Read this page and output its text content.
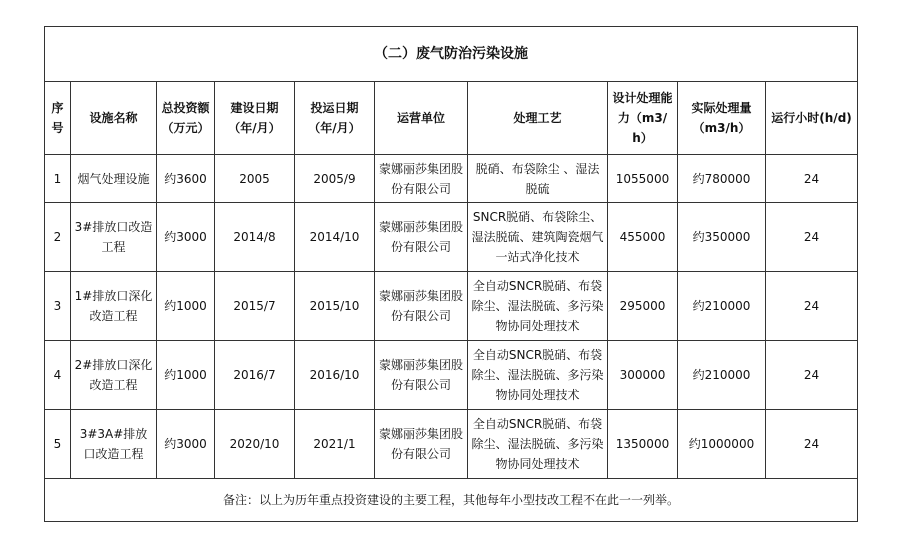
（二）废气防治污染设施									
序号	设施名称	总投资额（万元）	建设日期（年/月）	投运日期（年/月）	运营单位	处理工艺	设计处理能力（m3/h）	实际处理量（m3/h）	运行小时(h/d)
1	烟气处理设施	约3600	2005	2005/9	蒙娜丽莎集团股份有限公司	脱硝、布袋除尘 、湿法脱硫	1055000	约780000	24
2	3#排放口改造工程	约3000	2014/8	2014/10	蒙娜丽莎集团股份有限公司	SNCR脱硝、布袋除尘、湿法脱硫、建筑陶瓷烟气一站式净化技术	455000	约350000	24
3	1#排放口深化改造工程	约1000	2015/7	2015/10	蒙娜丽莎集团股份有限公司	全自动SNCR脱硝、布袋除尘、湿法脱硫、多污染物协同处理技术	295000	约210000	24
4	2#排放口深化改造工程	约1000	2016/7	2016/10	蒙娜丽莎集团股份有限公司	全自动SNCR脱硝、布袋除尘、湿法脱硫、多污染物协同处理技术	300000	约210000	24
5	3#3A#排放口改造工程	约3000	2020/10	2021/1	蒙娜丽莎集团股份有限公司	全自动SNCR脱硝、布袋除尘、湿法脱硫、多污染物协同处理技术	1350000	约1000000	24
备注：以上为历年重点投资建设的主要工程，其他每年小型技改工程不在此一一列举。									
